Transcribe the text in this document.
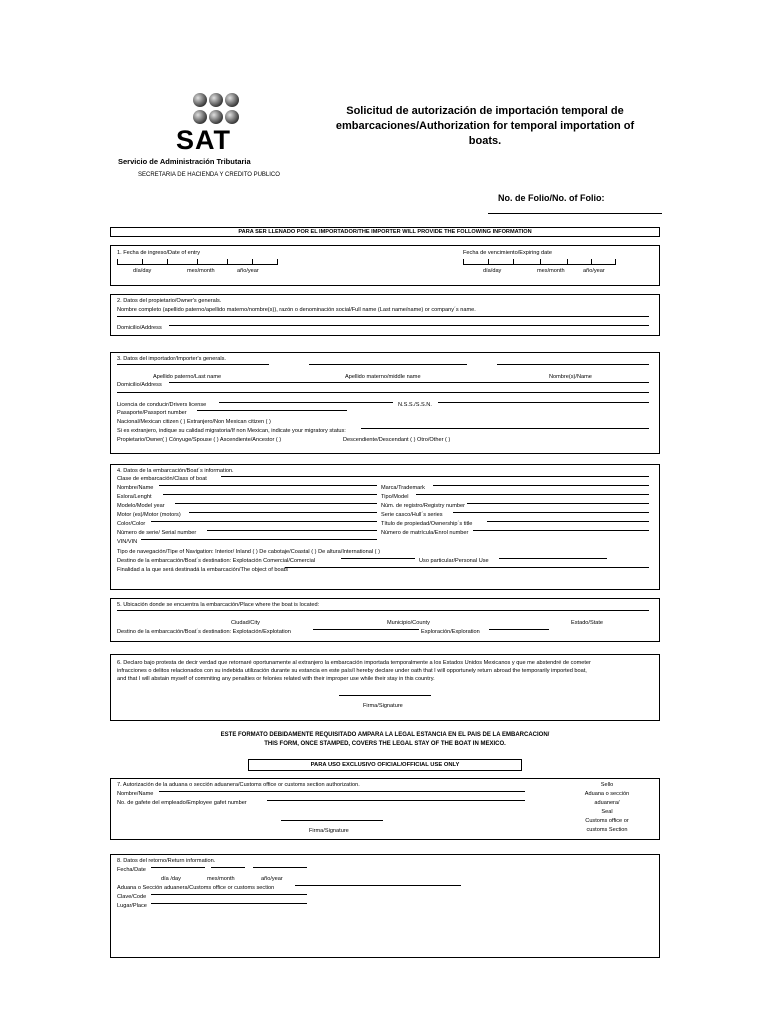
SAT
Servicio de Administración Tributaria
SECRETARIA DE HACIENDA Y CREDITO PUBLICO
Solicitud de autorización de importación temporal de
embarcaciones/Authorization for temporal importation of boats.
No. de Folio/No. of Folio:
PARA SER LLENADO POR EL IMPORTADOR/THE IMPORTER WILL PROVIDE THE FOLLOWING INFORMATION
1. Fecha de ingreso/Date of entry	Fecha de vencimiento/Expiring date
día/day	mes/month	año/year	día/day	mes/month	año/year
2. Datos del propietario/Owner's generals.
Nombre completo (apellido paterno/apellido materno/nombre(s)), razón o denominación social/Full name (Last name/name) or company´s name.
Domicilio/Address
3. Datos del importador/Importer's generals.
Apellido paterno/Last name	Apellido materno/middle name	Nombre(s)/Name
Domicilio/Address
Licencia de conducir/Drivers license	N.S.S./S.S.N.
Pasaporte/Passport number
Nacional/Mexican citizen ( ) Extranjero/Non Mexican citizen ( )
Si es extranjero, indique su calidad migratoria/If non Mexican, indicate your migratory status:
Propietario/Owner( ) Cónyuge/Spouse ( ) Ascendiente/Ancestor ( )	Descendiente/Descendant ( ) Otro/Other ( )
4. Datos de la embarcación/Boat´s information.
Clase de embarcación/Class of boat
Nombre/Name	Marca/Trademark
Eslora/Lenght	Tipo/Model
Modelo/Model year	Núm. de registro/Registry number
Motor (es)/Motor (motors)	Serie casco/Hull´s series
Color/Color	Título de propiedad/Ownership´s title
Número de serie/ Serial number	Número de matrícula/Enrol number
VIN/VIN
Tipo de navegación/Tipe of Navigation: Interior/ Inland ( ) De cabotaje/Coastal ( ) De altura/International ( )
Destino de la embarcación/Boat´s destination: Explotación Comercial/Comercial	Uso particular/Personal Use
Finalidad a la que será destinadá la embarcación/The object of boats
5. Ubicación donde se encuentra la embarcación/Place where the boat is located:
Ciudad/City	Municipio/County	Estado/State
Destino de la embarcación/Boat´s destination: Explotación/Explotation	Exploración/Exploration
6. Declaro bajo protesta de decir verdad que retornaré oportunamente al extranjero la embarcación importada temporalmente a los Estados Unidos Mexicanos y que me abstendré de cometer
infracciones o delitos relacionados con su indebida utilización durante su estancia en este país/I hereby declare under oath that I will opportunely return abroad the temporarily imported boat,
and that I will abstain myself of commiting any penalties or felonies related with their improper use while their stay in this country.
Firma/Signature
ESTE FORMATO DEBIDAMENTE REQUISITADO AMPARA LA LEGAL ESTANCIA EN EL PAIS DE LA EMBARCACION/
THIS FORM, ONCE STAMPED, COVERS THE LEGAL STAY OF THE BOAT IN MEXICO.
PARA USO EXCLUSIVO OFICIAL/OFFICIAL USE ONLY
7. Autorización de la aduana o sección aduanera/Customs office or customs section authorization.
Nombre/Name
No. de gafete del empleado/Employee gafet number
Firma/Signature
Sello
Aduana o sección
aduanera/
Seal
Customs office or
customs Section
8. Datos del retorno/Return information.
Fecha/Date
día /day	mes/month	año/year
Aduana o Sección aduanera/Customs office or customs section
Clave/Code
Lugar/Place
